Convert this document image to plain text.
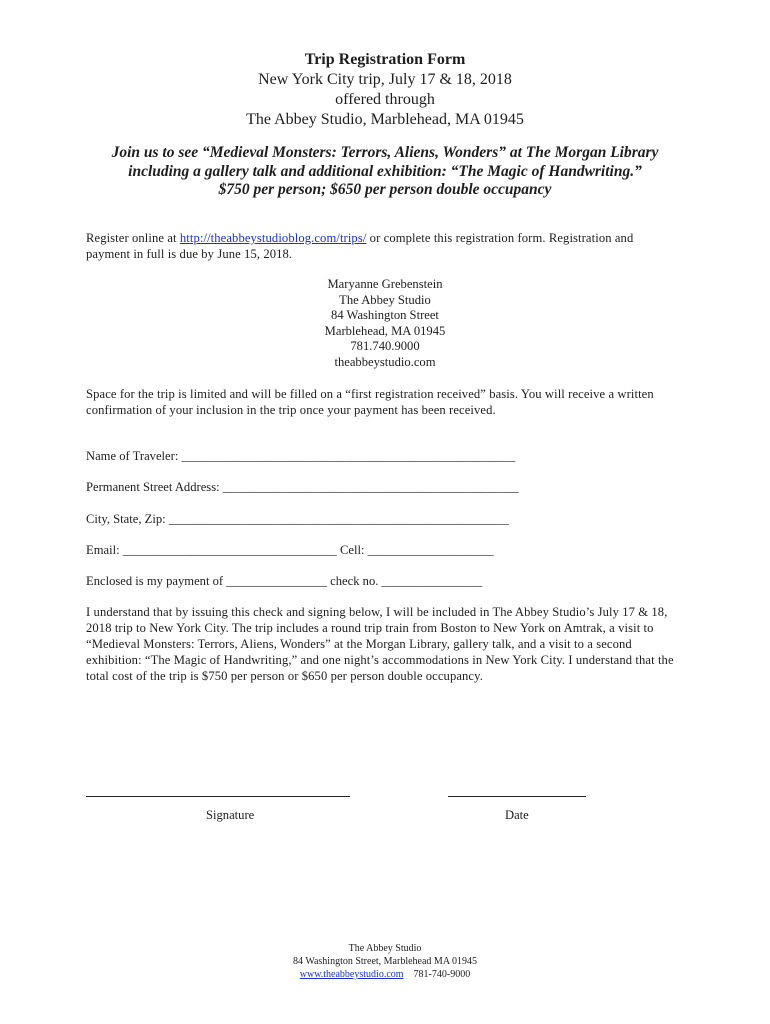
Trip Registration Form
New York City trip, July 17 & 18, 2018
offered through
The Abbey Studio, Marblehead, MA 01945
Join us to see “Medieval Monsters: Terrors, Aliens, Wonders” at The Morgan Library
including a gallery talk and additional exhibition: “The Magic of Handwriting.”
$750 per person; $650 per person double occupancy
Register online at http://theabbeystudioblog.com/trips/ or complete this registration form. Registration and payment in full is due by June 15, 2018.
Maryanne Grebenstein
The Abbey Studio
84 Washington Street
Marblehead, MA 01945
781.740.9000
theabbeystudio.com
Space for the trip is limited and will be filled on a “first registration received” basis. You will receive a written confirmation of your inclusion in the trip once your payment has been received.
Name of Traveler: _____________________________________________________
Permanent Street Address: _______________________________________________
City, State, Zip: ______________________________________________________
Email: __________________________________ Cell: ____________________
Enclosed is my payment of ________________ check no. ________________
I understand that by issuing this check and signing below, I will be included in The Abbey Studio’s July 17 & 18, 2018 trip to New York City. The trip includes a round trip train from Boston to New York on Amtrak, a visit to “Medieval Monsters: Terrors, Aliens, Wonders” at the Morgan Library, gallery talk, and a visit to a second exhibition: “The Magic of Handwriting,” and one night’s accommodations in New York City. I understand that the total cost of the trip is $750 per person or $650 per person double occupancy.
Signature	Date
The Abbey Studio
84 Washington Street, Marblehead MA 01945
www.theabbeystudio.com 781-740-9000
